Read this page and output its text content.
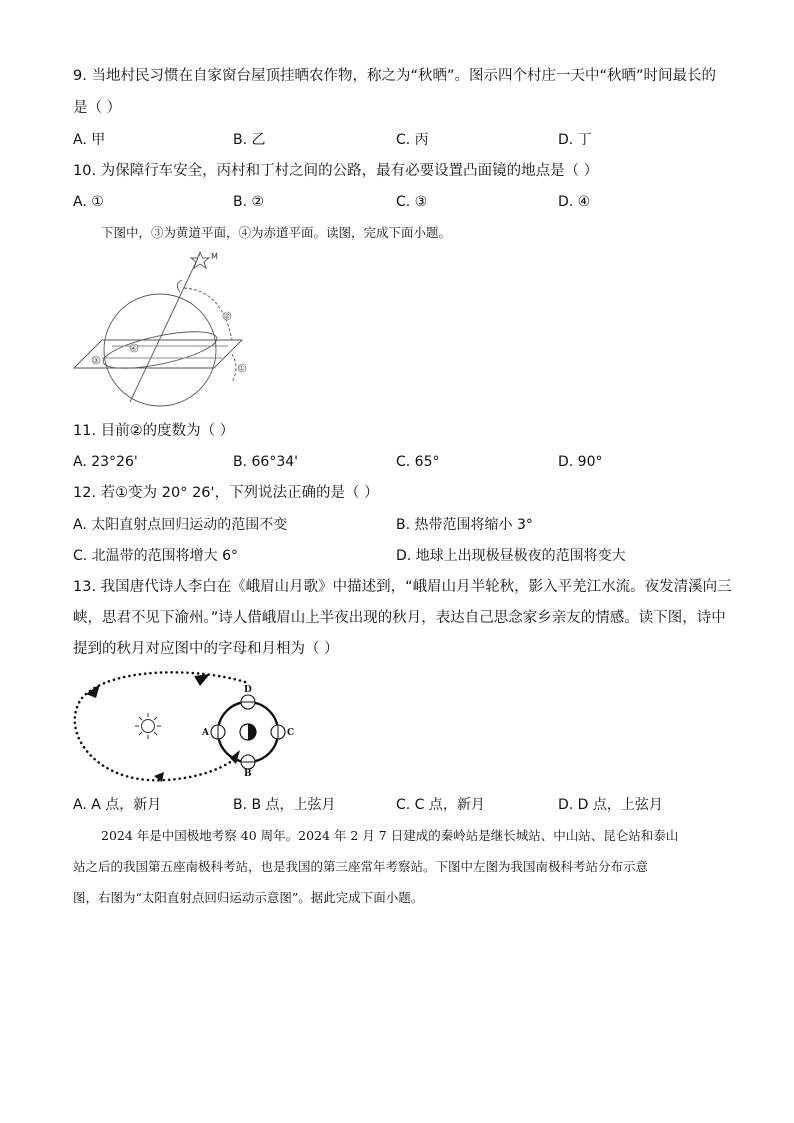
9. 当地村民习惯在自家窗台屋顶挂晒农作物，称之为“秋晒”。图示四个村庄一天中“秋晒”时间最长的
是（ ）
A. 甲	B. 乙	C. 丙	D. 丁
10. 为保障行车安全，丙村和丁村之间的公路，最有必要设置凸面镜的地点是（ ）
A. ①	B. ②	C. ③	D. ④
下图中，③为黄道平面，④为赤道平面。读图，完成下面小题。
M
②
①
③
④
11. 目前②的度数为（ ）
A. 23°26'	B. 66°34'	C. 65°	D. 90°
12. 若①变为 20° 26'，下列说法正确的是（ ）
A. 太阳直射点回归运动的范围不变	B. 热带范围将缩小 3°
C. 北温带的范围将增大 6°	D. 地球上出现极昼极夜的范围将变大
13. 我国唐代诗人李白在《峨眉山月歌》中描述到，“峨眉山月半轮秋，影入平羌江水流。夜发清溪向三
峡，思君不见下渝州。”诗人借峨眉山上半夜出现的秋月，表达自己思念家乡亲友的情感。读下图，诗中
提到的秋月对应图中的字母和月相为（ ）
D
A	C
B
A. A 点，新月	B. B 点，上弦月	C. C 点，新月	D. D 点，上弦月
2024 年是中国极地考察 40 周年。2024 年 2 月 7 日建成的秦岭站是继长城站、中山站、昆仑站和泰山
站之后的我国第五座南极科考站，也是我国的第三座常年考察站。下图中左图为我国南极科考站分布示意
图，右图为“太阳直射点回归运动示意图”。据此完成下面小题。
